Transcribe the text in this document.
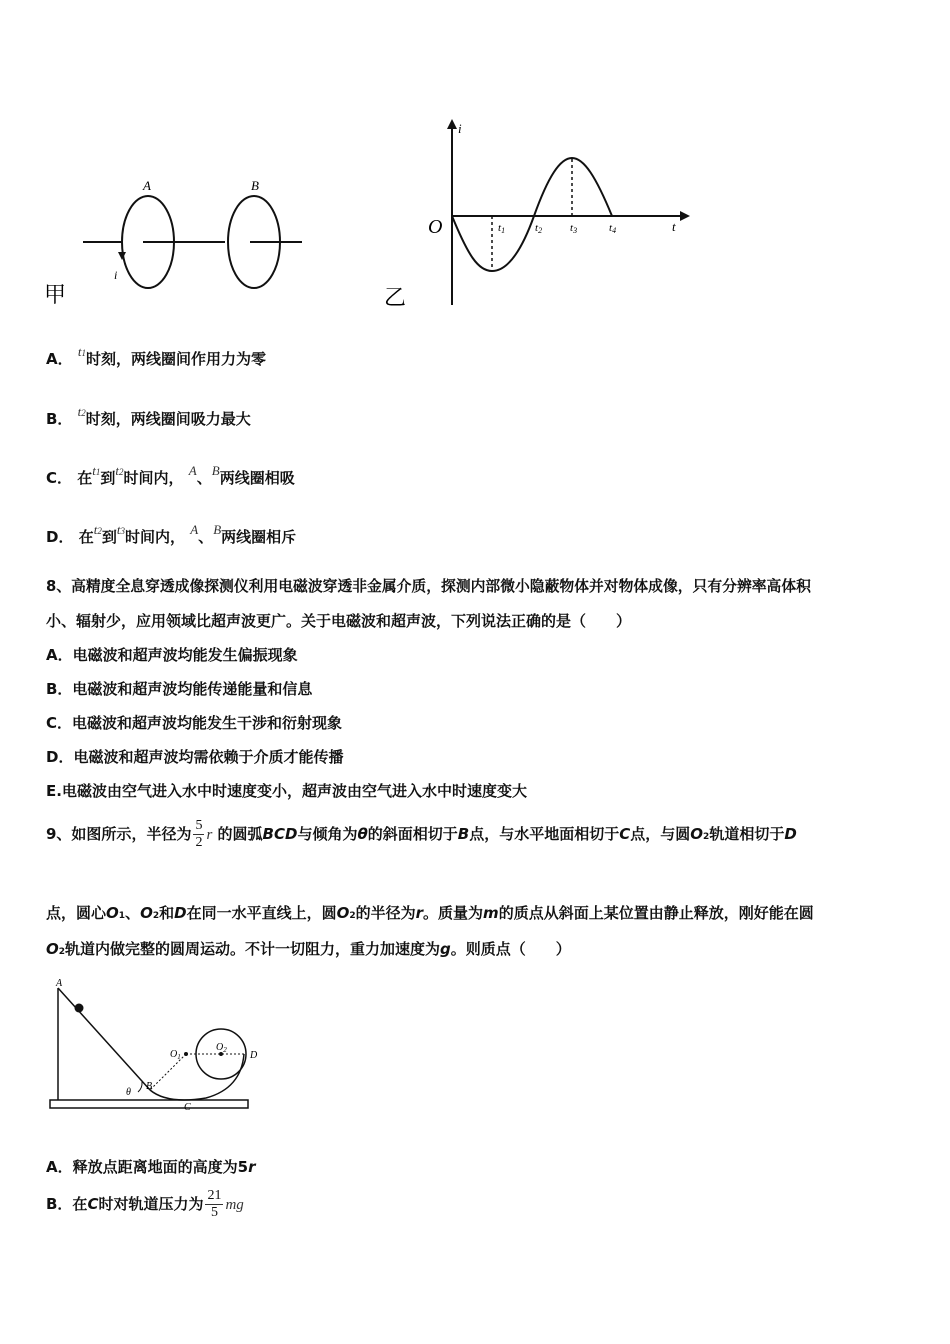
A	B
i
甲
i
O	t1	t2	t3	t4	t
乙
A． t1时刻，两线圈间作用力为零
B． t2时刻，两线圈间吸力最大
C． 在t1到t2时间内， A、B两线圈相吸
D． 在t2到t3时间内， A、B两线圈相斥
8、高精度全息穿透成像探测仪利用电磁波穿透非金属介质，探测内部微小隐蔽物体并对物体成像，只有分辨率高体积
小、辐射少，应用领域比超声波更广。关于电磁波和超声波，下列说法正确的是（　　）
A．电磁波和超声波均能发生偏振现象
B．电磁波和超声波均能传递能量和信息
C．电磁波和超声波均能发生干涉和衍射现象
D．电磁波和超声波均需依赖于介质才能传播
E.电磁波由空气进入水中时速度变小，超声波由空气进入水中时速度变大
9、如图所示，半径为 $\frac{5}{2}$ r 的圆弧BCD与倾角为θ的斜面相切于B点，与水平地面相切于C点，与圆O2轨道相切于D
点，圆心O1、O2和D在同一水平直线上，圆O2的半径为r。质量为m的质点从斜面上某位置由静止释放，刚好能在圆
O2轨道内做完整的圆周运动。不计一切阻力，重力加速度为g。则质点（　　）
A
$O_1$
$O_2$ D
θ
B
C
A．释放点距离地面的高度为5r
B．在C时对轨道压力为 $\frac{21}{5}$ mg
